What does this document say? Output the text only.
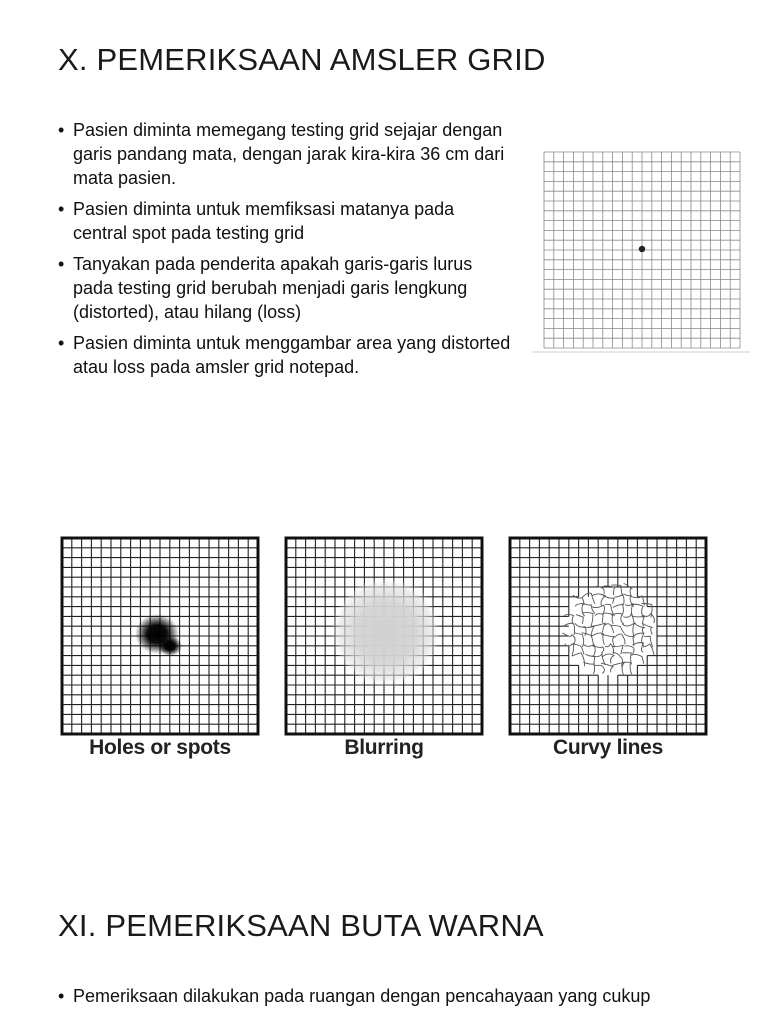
X. PEMERIKSAAN AMSLER GRID
• Pasien diminta memegang testing grid sejajar dengan garis pandang mata, dengan jarak kira-kira 36 cm dari mata pasien.
• Pasien diminta untuk memfiksasi matanya pada central spot pada testing grid
• Tanyakan pada penderita apakah garis-garis lurus pada testing grid berubah menjadi garis lengkung (distorted), atau hilang (loss)
• Pasien diminta untuk menggambar area yang distorted atau loss pada amsler grid notepad.
Holes or spots	Blurring	Curvy lines
XI. PEMERIKSAAN BUTA WARNA
• Pemeriksaan dilakukan pada ruangan dengan pencahayaan yang cukup
